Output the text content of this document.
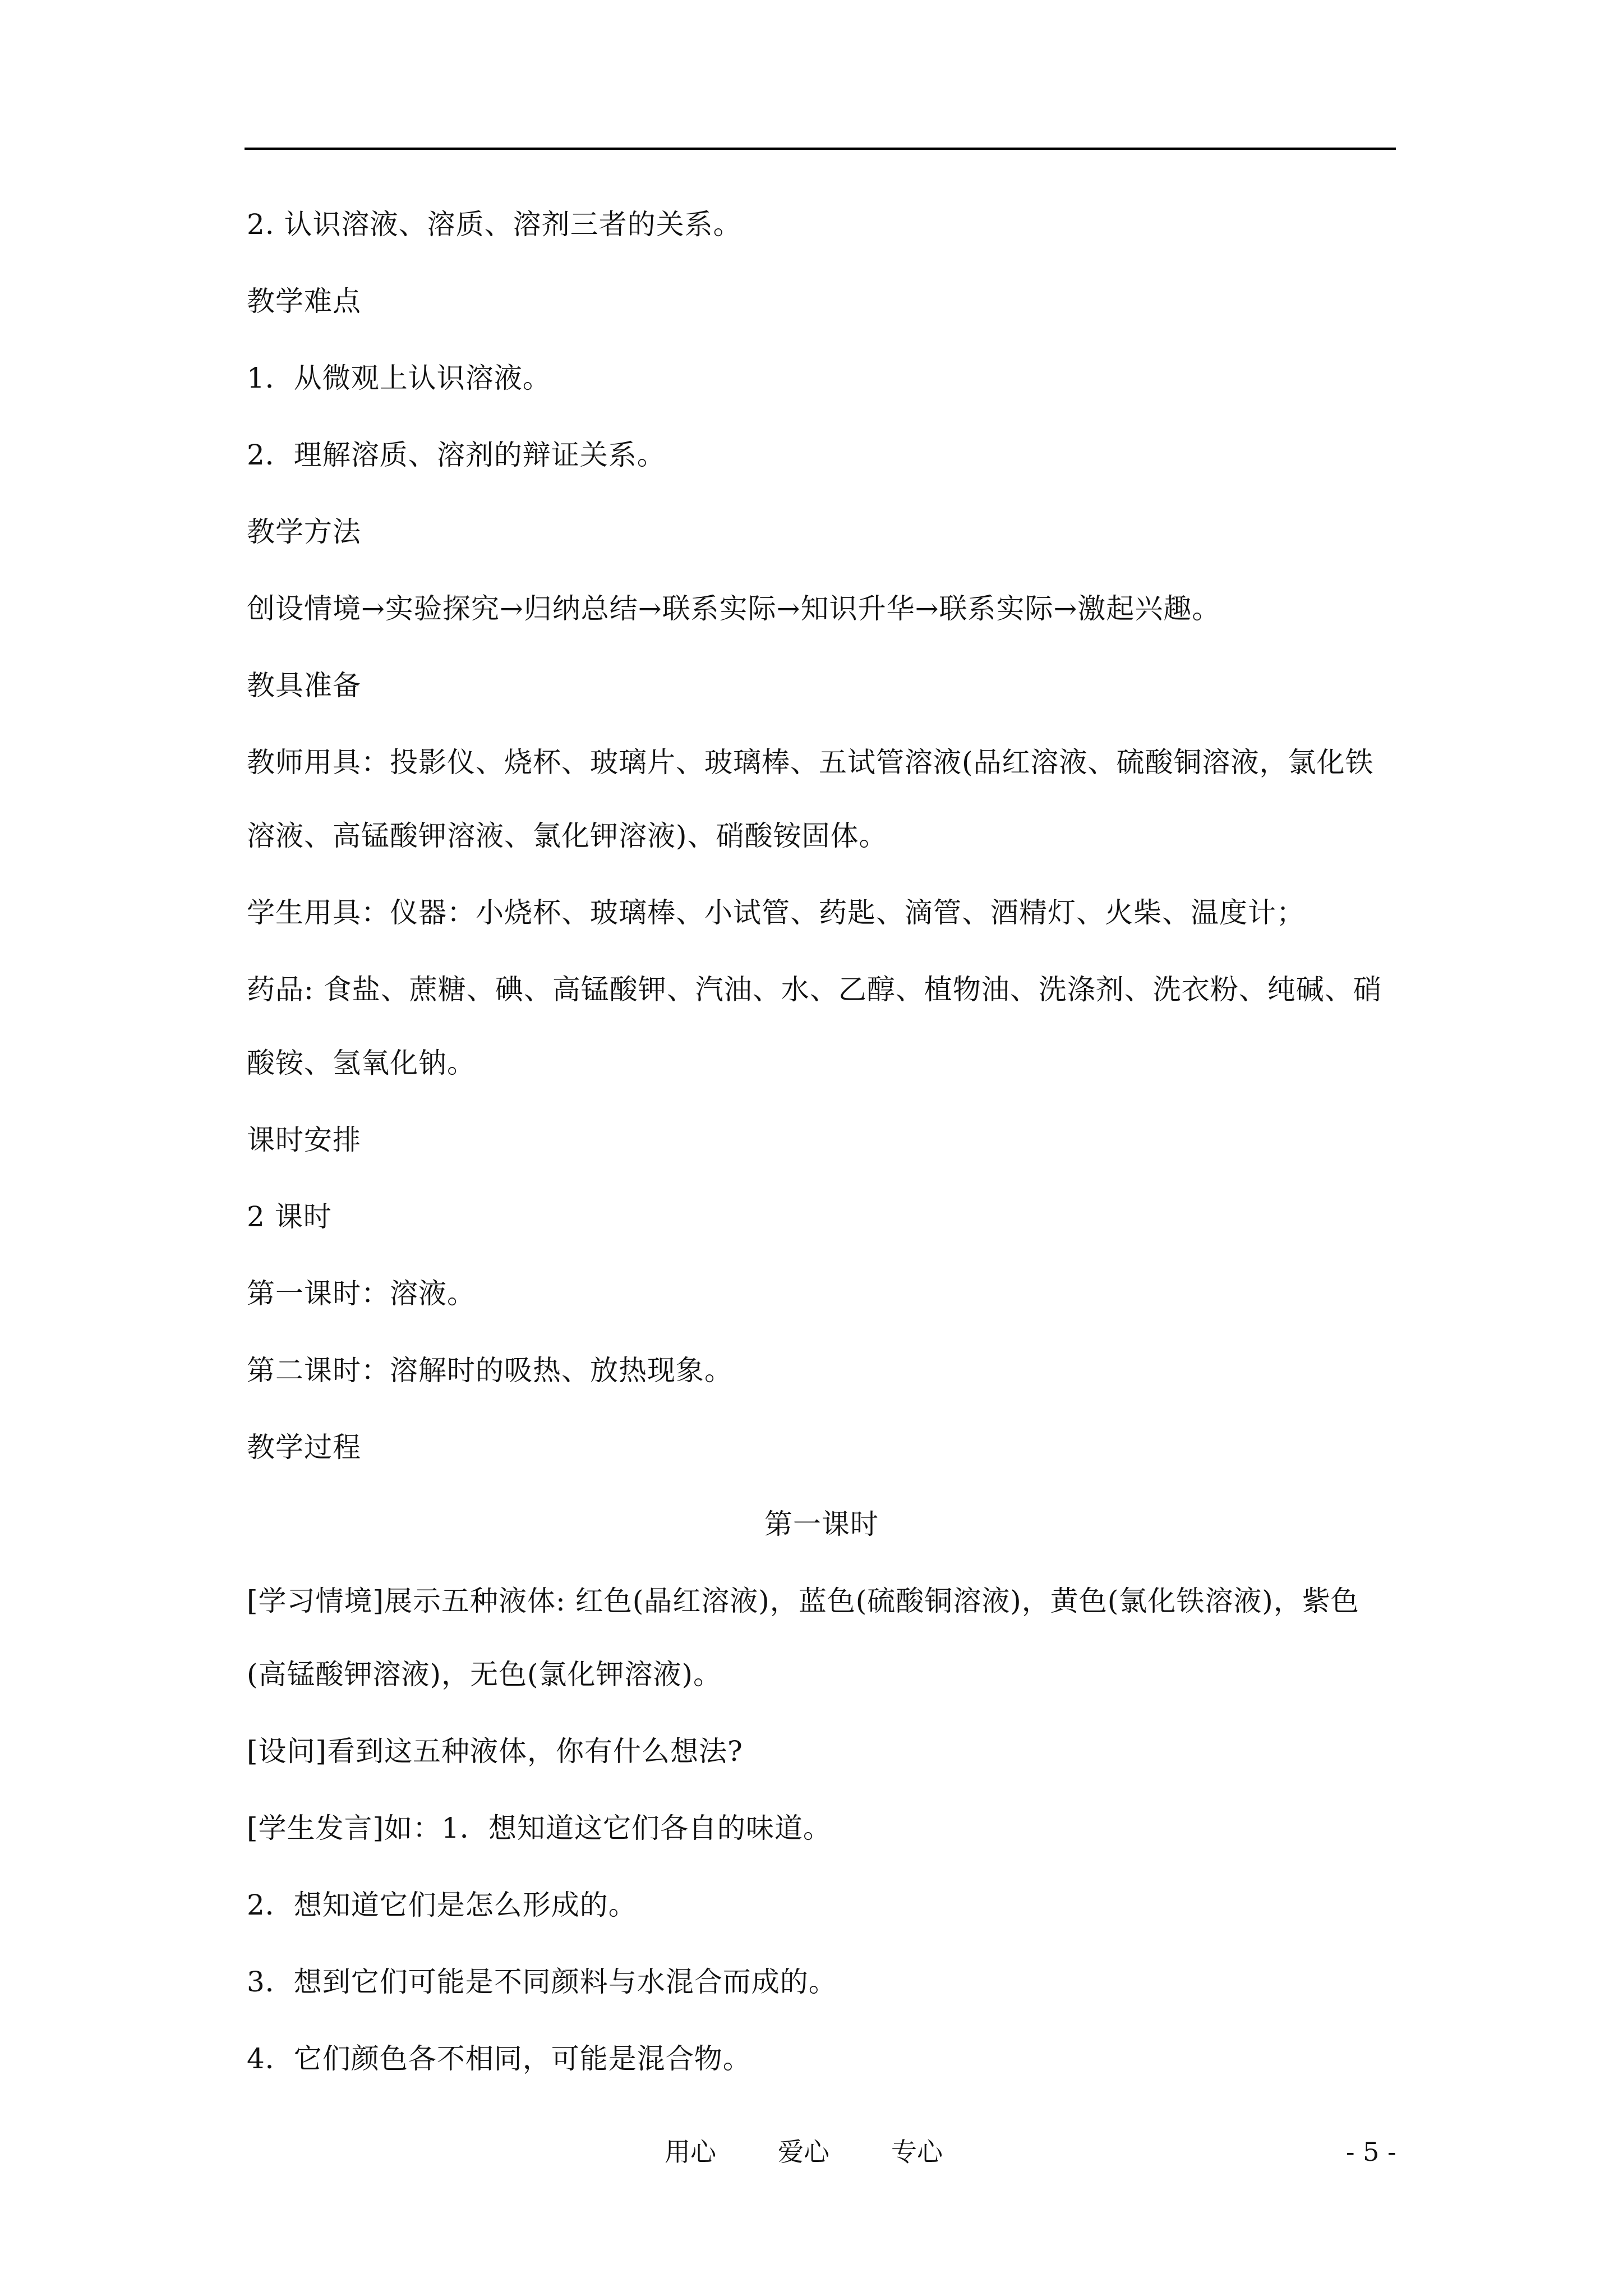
2. 认识溶液、溶质、溶剂三者的关系。
教学难点
1．从微观上认识溶液。
2．理解溶质、溶剂的辩证关系。
教学方法
创设情境→实验探究→归纳总结→联系实际→知识升华→联系实际→激起兴趣。
教具准备
教师用具：投影仪、烧杯、玻璃片、玻璃棒、五试管溶液(品红溶液、硫酸铜溶液，氯化铁
溶液、高锰酸钾溶液、氯化钾溶液)、硝酸铵固体。
学生用具：仪器：小烧杯、玻璃棒、小试管、药匙、滴管、酒精灯、火柴、温度计；
药品: 食盐、蔗糖、碘、高锰酸钾、汽油、水、乙醇、植物油、洗涤剂、洗衣粉、纯碱、硝
酸铵、氢氧化钠。
课时安排
2 课时
第一课时：溶液。
第二课时：溶解时的吸热、放热现象。
教学过程
第一课时
[学习情境]展示五种液体: 红色(晶红溶液)，蓝色(硫酸铜溶液)，黄色(氯化铁溶液)，紫色
(高锰酸钾溶液)，无色(氯化钾溶液)。
[设问]看到这五种液体，你有什么想法?
[学生发言]如：1．想知道这它们各自的味道。
2．想知道它们是怎么形成的。
3．想到它们可能是不同颜料与水混合而成的。
4．它们颜色各不相同，可能是混合物。
用心 爱心 专心	- 5 -
